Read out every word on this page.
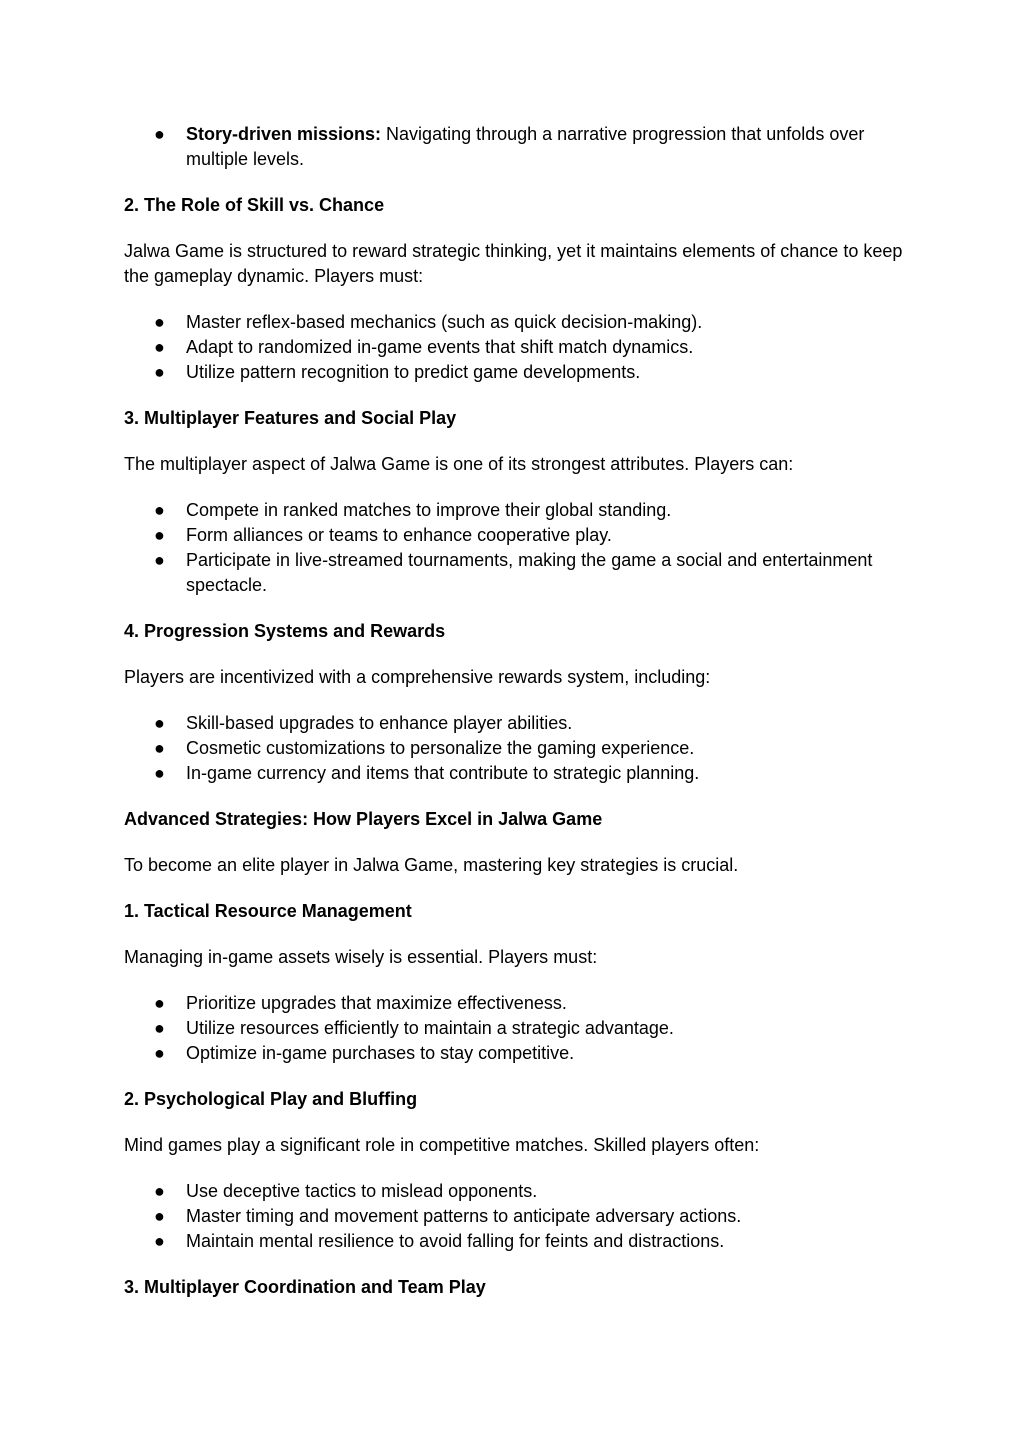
● Story-driven missions: Navigating through a narrative progression that unfolds over multiple levels.
2. The Role of Skill vs. Chance
Jalwa Game is structured to reward strategic thinking, yet it maintains elements of chance to keep the gameplay dynamic. Players must:
● Master reflex-based mechanics (such as quick decision-making).
● Adapt to randomized in-game events that shift match dynamics.
● Utilize pattern recognition to predict game developments.
3. Multiplayer Features and Social Play
The multiplayer aspect of Jalwa Game is one of its strongest attributes. Players can:
● Compete in ranked matches to improve their global standing.
● Form alliances or teams to enhance cooperative play.
● Participate in live-streamed tournaments, making the game a social and entertainment spectacle.
4. Progression Systems and Rewards
Players are incentivized with a comprehensive rewards system, including:
● Skill-based upgrades to enhance player abilities.
● Cosmetic customizations to personalize the gaming experience.
● In-game currency and items that contribute to strategic planning.
Advanced Strategies: How Players Excel in Jalwa Game
To become an elite player in Jalwa Game, mastering key strategies is crucial.
1. Tactical Resource Management
Managing in-game assets wisely is essential. Players must:
● Prioritize upgrades that maximize effectiveness.
● Utilize resources efficiently to maintain a strategic advantage.
● Optimize in-game purchases to stay competitive.
2. Psychological Play and Bluffing
Mind games play a significant role in competitive matches. Skilled players often:
● Use deceptive tactics to mislead opponents.
● Master timing and movement patterns to anticipate adversary actions.
● Maintain mental resilience to avoid falling for feints and distractions.
3. Multiplayer Coordination and Team Play
